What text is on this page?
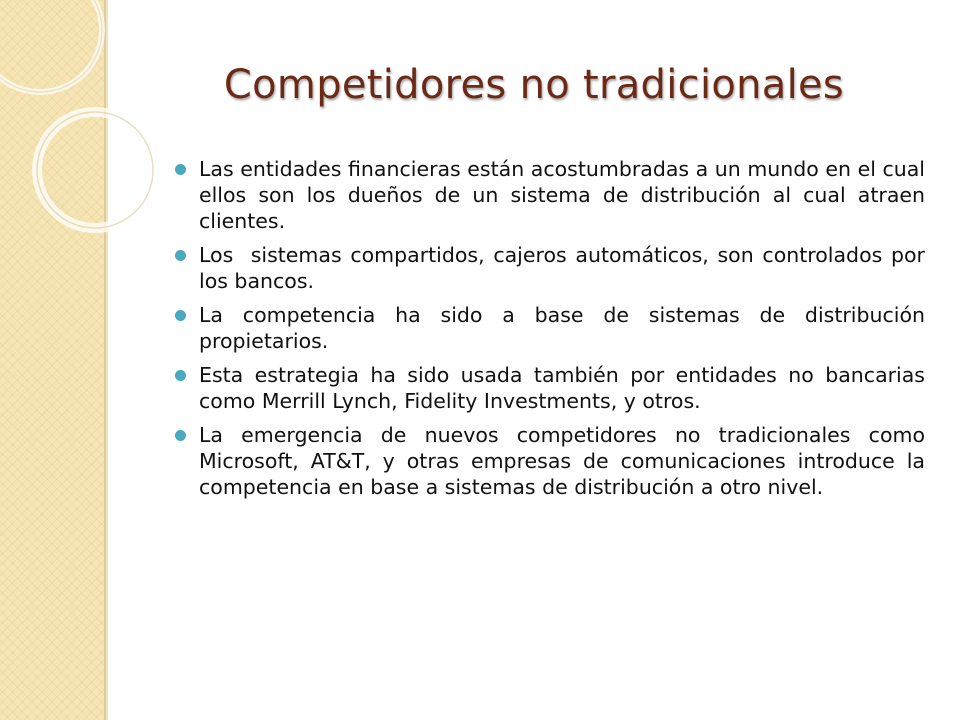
Competidores no tradicionales
Las entidades financieras están acostumbradas a un mundo en el cual ellos son los dueños de un sistema de distribución al cual atraen clientes.
Los  sistemas compartidos, cajeros automáticos, son controlados por los bancos.
La competencia ha sido a base de sistemas de distribución propietarios.
Esta estrategia ha sido usada también por entidades no bancarias como Merrill Lynch, Fidelity Investments, y otros.
La emergencia de nuevos competidores no tradicionales como Microsoft, AT&T, y otras empresas de comunicaciones introduce la competencia en base a sistemas de distribución a otro nivel.
